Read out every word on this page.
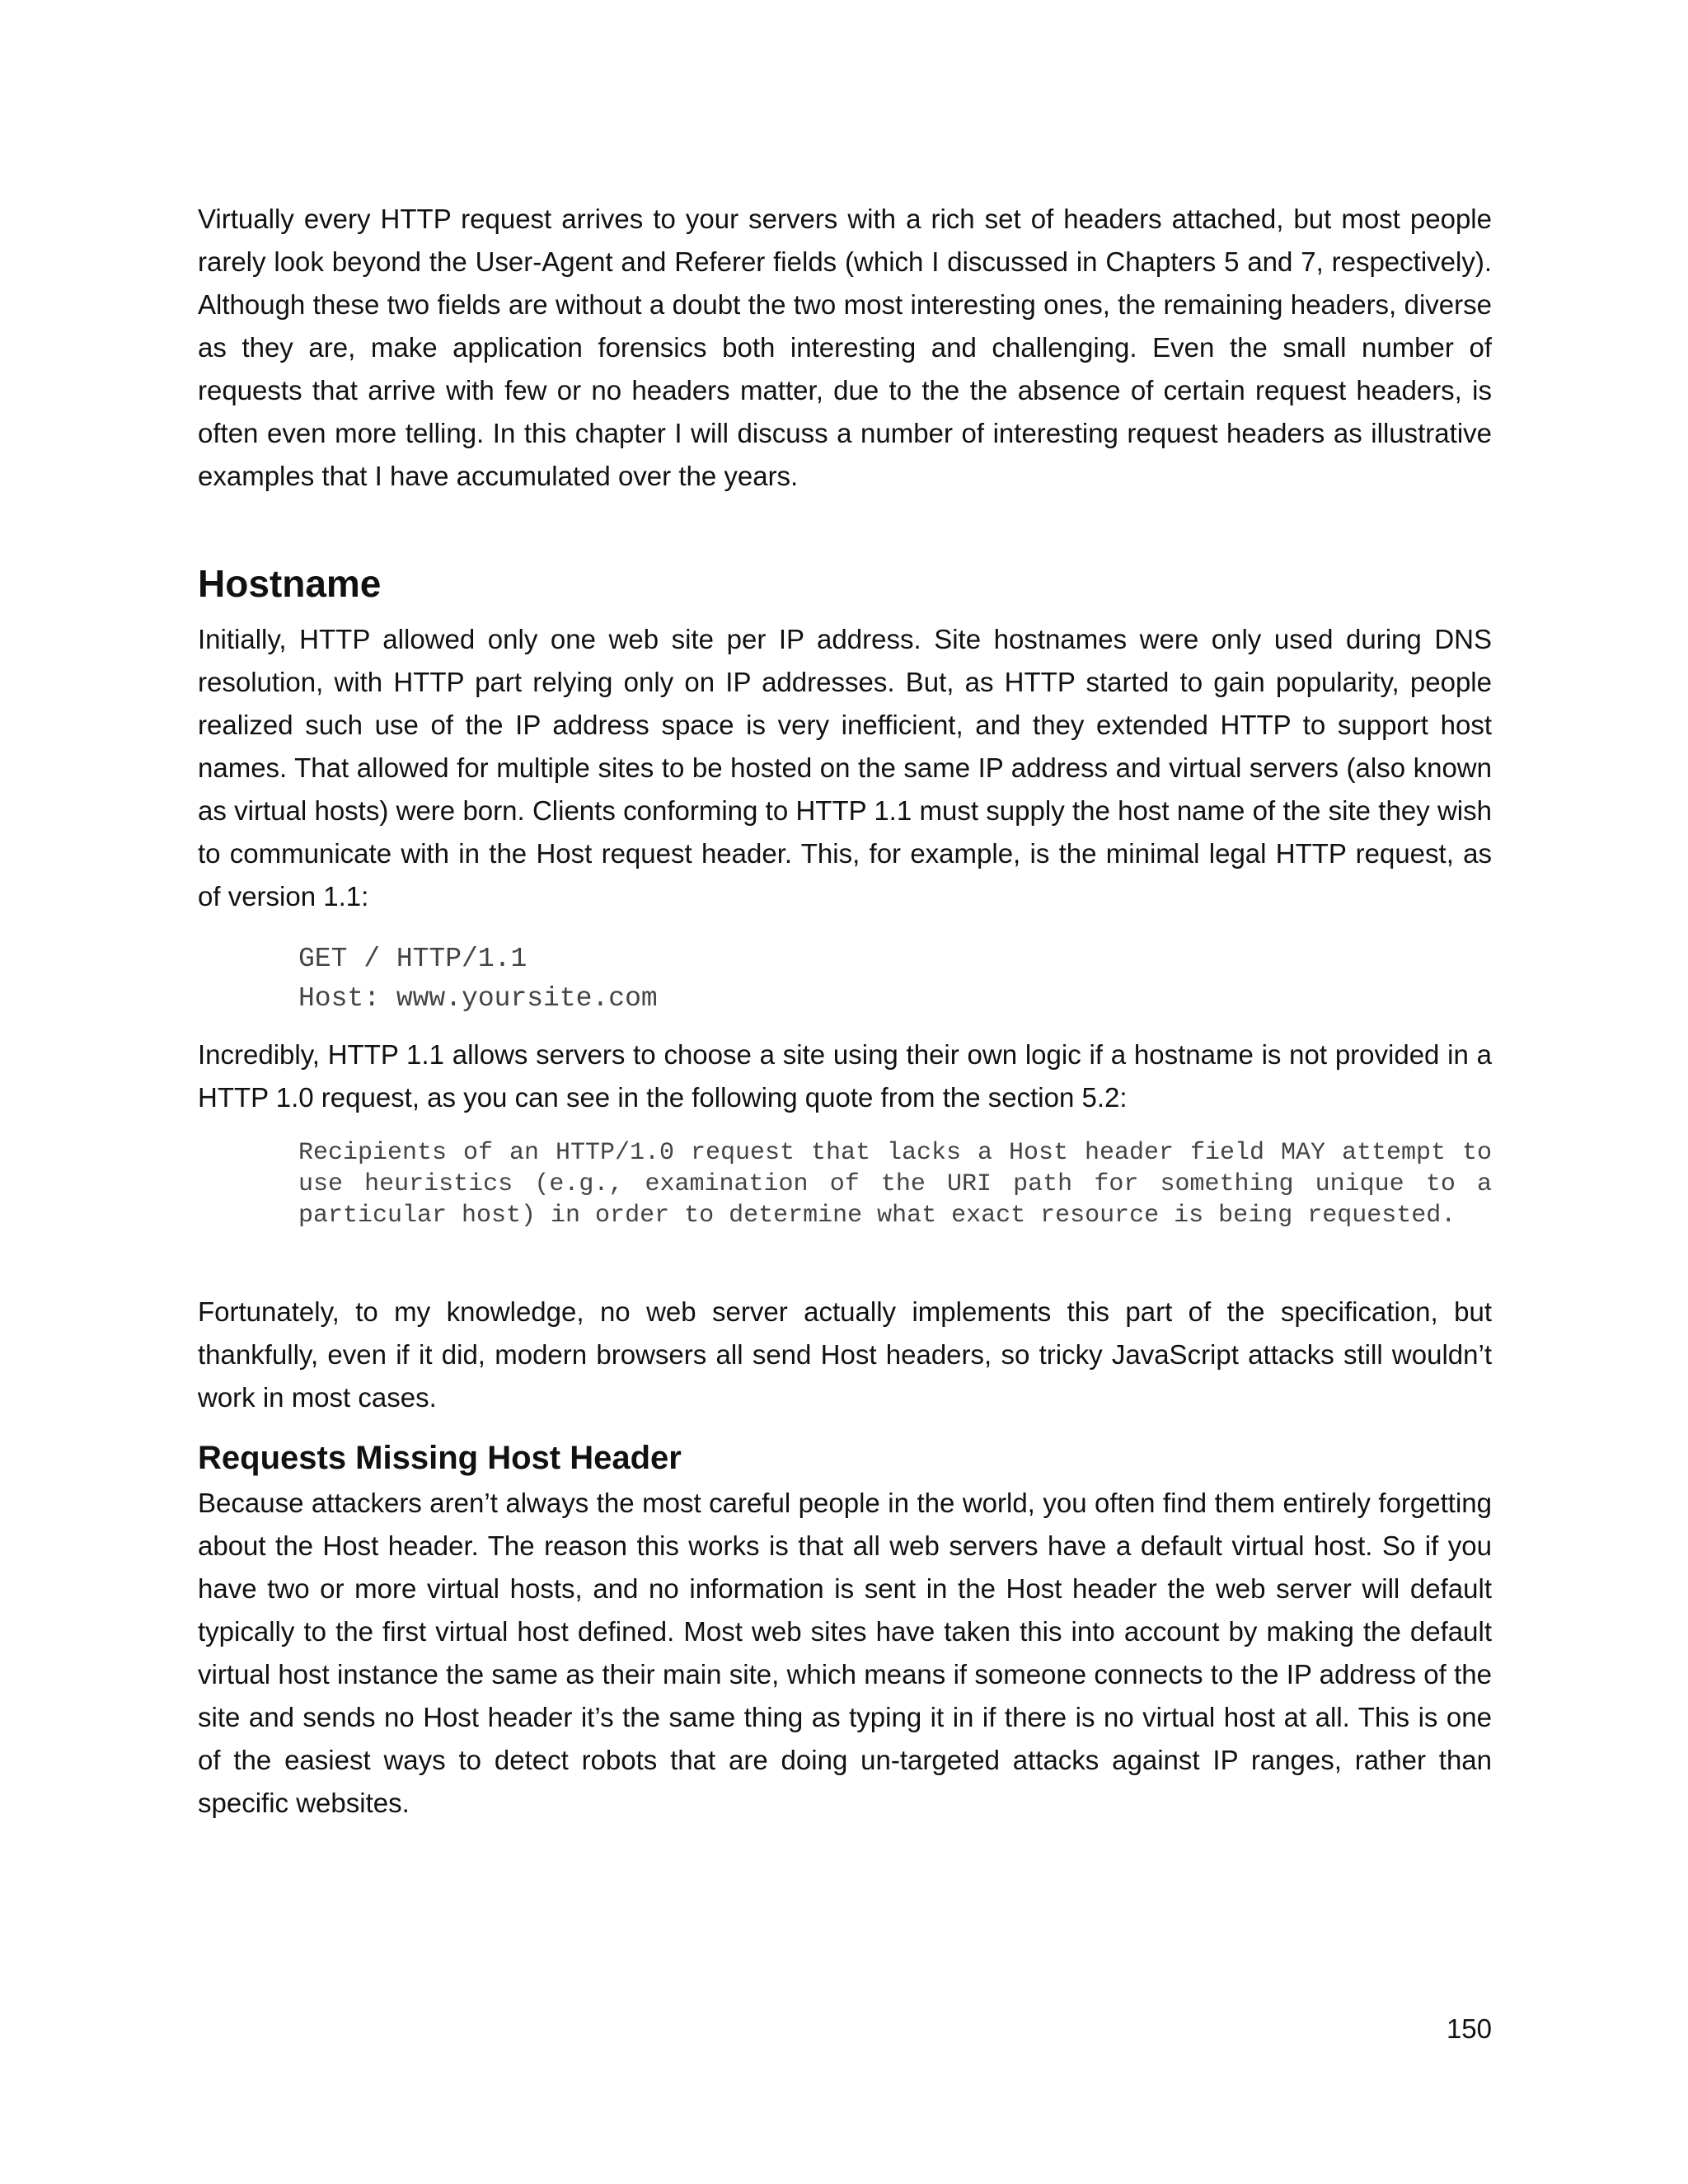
Virtually every HTTP request arrives to your servers with a rich set of headers attached, but most people rarely look beyond the User-Agent and Referer fields (which I discussed in Chapters 5 and 7, respectively). Although these two fields are without a doubt the two most interesting ones, the remaining headers, diverse as they are, make application forensics both interesting and challenging. Even the small number of requests that arrive with few or no headers matter, due to the the absence of certain request headers, is often even more telling. In this chapter I will discuss a number of interesting request headers as illustrative examples that I have accumulated over the years.

Hostname

Initially, HTTP allowed only one web site per IP address. Site hostnames were only used during DNS resolution, with HTTP part relying only on IP addresses. But, as HTTP started to gain popularity, people realized such use of the IP address space is very inefficient, and they extended HTTP to support host names. That allowed for multiple sites to be hosted on the same IP address and virtual servers (also known as virtual hosts) were born. Clients conforming to HTTP 1.1 must supply the host name of the site they wish to communicate with in the Host request header. This, for example, is the minimal legal HTTP request, as of version 1.1:

GET / HTTP/1.1
Host: www.yoursite.com

Incredibly, HTTP 1.1 allows servers to choose a site using their own logic if a hostname is not provided in a HTTP 1.0 request, as you can see in the following quote from the section 5.2:

Recipients of an HTTP/1.0 request that lacks a Host header field MAY attempt to use heuristics (e.g., examination of the URI path for something unique to a particular host) in order to determine what exact resource is being requested.

Fortunately, to my knowledge, no web server actually implements this part of the specification, but thankfully, even if it did, modern browsers all send Host headers, so tricky JavaScript attacks still wouldn’t work in most cases.

Requests Missing Host Header

Because attackers aren’t always the most careful people in the world, you often find them entirely forgetting about the Host header. The reason this works is that all web servers have a default virtual host. So if you have two or more virtual hosts, and no information is sent in the Host header the web server will default typically to the first virtual host defined. Most web sites have taken this into account by making the default virtual host instance the same as their main site, which means if someone connects to the IP address of the site and sends no Host header it’s the same thing as typing it in if there is no virtual host at all. This is one of the easiest ways to detect robots that are doing un-targeted attacks against IP ranges, rather than specific websites.

150
